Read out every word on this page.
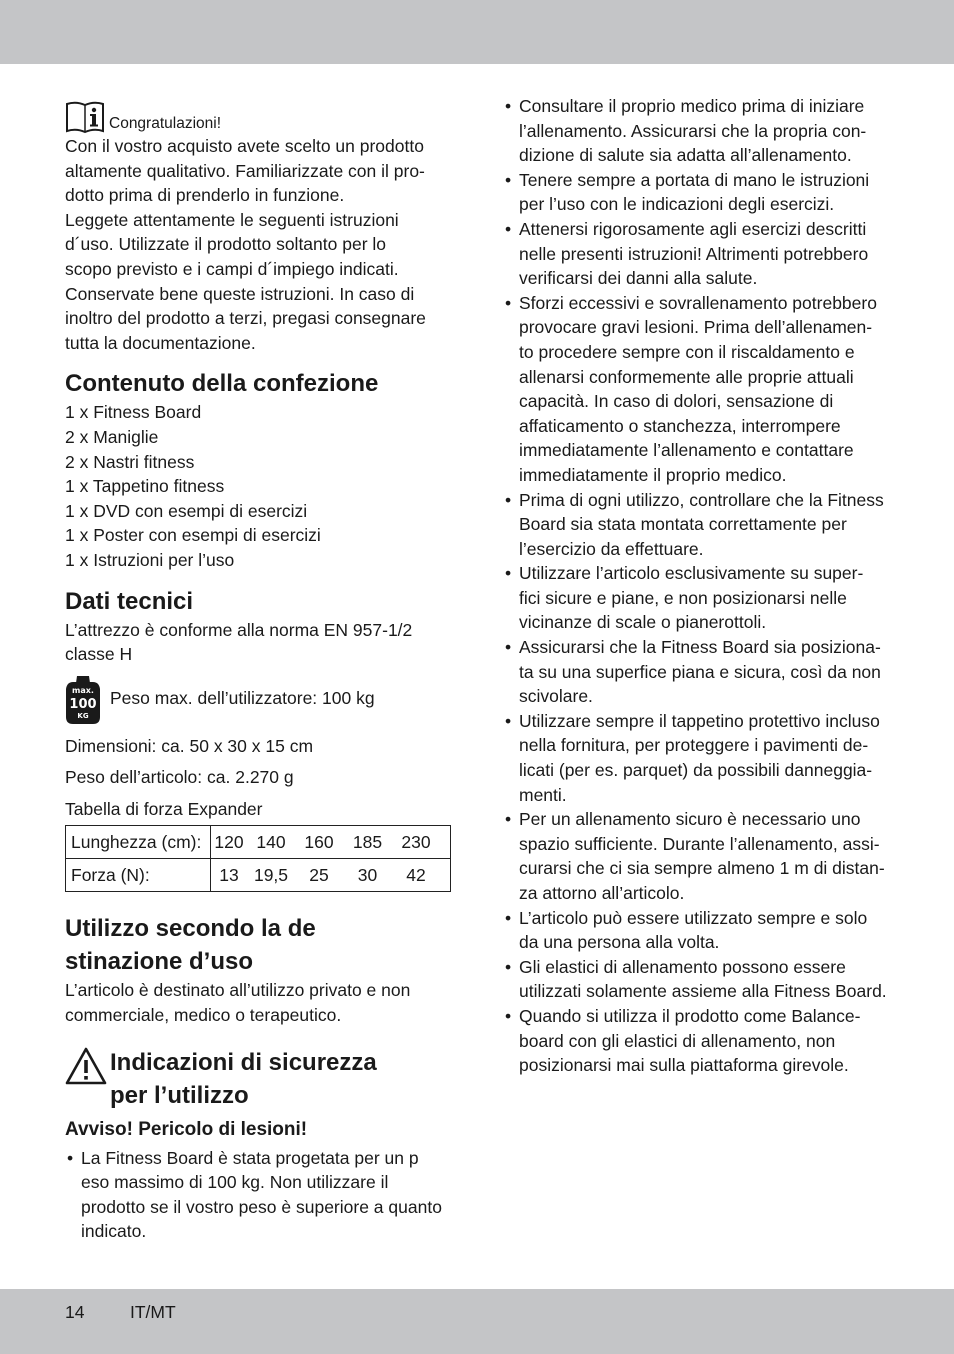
Congratulazioni!
Con il vostro acquisto avete scelto un prodotto
altamente qualitativo. Familiarizzate con il pro-
dotto prima di prenderlo in funzione.
Leggete attentamente le seguenti istruzioni
d´uso. Utilizzate il prodotto soltanto per lo
scopo previsto e i campi d´impiego indicati.
Conservate bene queste istruzioni. In caso di
inoltro del prodotto a terzi, pregasi consegnare
tutta la documentazione.
Contenuto della confezione
1 x Fitness Board
2 x Maniglie
2 x Nastri fitness
1 x Tappetino fitness
1 x DVD con esempi di esercizi
1 x Poster con esempi di esercizi
1 x Istruzioni per l’uso
Dati tecnici
L’attrezzo è conforme alla norma EN 957-1/2
classe H
max.
100
KG
Peso max. dell’utilizzatore: 100 kg
Dimensioni: ca. 50 x 30 x 15 cm
Peso dell’articolo: ca. 2.270 g
Tabella di forza Expander
Lunghezza (cm):	120 140 160 185 230

Forza (N):	13 19,5 25 30 42
Utilizzo secondo la de
stinazione d’uso
L’articolo è destinato all’utilizzo privato e non
commerciale, medico o terapeutico.
Indicazioni di sicurezza
per l’utilizzo
Avviso! Pericolo di lesioni!
• La Fitness Board è stata progetata per un p
eso massimo di 100 kg. Non utilizzare il
prodotto se il vostro peso è superiore a quanto
indicato.
• Consultare il proprio medico prima di iniziare
l’allenamento. Assicurarsi che la propria con-
dizione di salute sia adatta all’allenamento.
• Tenere sempre a portata di mano le istruzioni
per l’uso con le indicazioni degli esercizi.
• Attenersi rigorosamente agli esercizi descritti
nelle presenti istruzioni! Altrimenti potrebbero
verificarsi dei danni alla salute.
• Sforzi eccessivi e sovrallenamento potrebbero
provocare gravi lesioni. Prima dell’allenamen-
to procedere sempre con il riscaldamento e
allenarsi conformemente alle proprie attuali
capacità. In caso di dolori, sensazione di
affaticamento o stanchezza, interrompere
immediatamente l’allenamento e contattare
immediatamente il proprio medico.
• Prima di ogni utilizzo, controllare che la Fitness
Board sia stata montata correttamente per
l’esercizio da effettuare.
• Utilizzare l’articolo esclusivamente su super-
fici sicure e piane, e non posizionarsi nelle
vicinanze di scale o pianerottoli.
• Assicurarsi che la Fitness Board sia posiziona-
ta su una superfice piana e sicura, così da non
scivolare.
• Utilizzare sempre il tappetino protettivo incluso
nella fornitura, per proteggere i pavimenti de-
licati (per es. parquet) da possibili danneggia-
menti.
• Per un allenamento sicuro è necessario uno
spazio sufficiente. Durante l’allenamento, assi-
curarsi che ci sia sempre almeno 1 m di distan-
za attorno all’articolo.
• L’articolo può essere utilizzato sempre e solo
da una persona alla volta.
• Gli elastici di allenamento possono essere
utilizzati solamente assieme alla Fitness Board.
• Quando si utilizza il prodotto come Balance-
board con gli elastici di allenamento, non
posizionarsi mai sulla piattaforma girevole.
14	IT/MT
